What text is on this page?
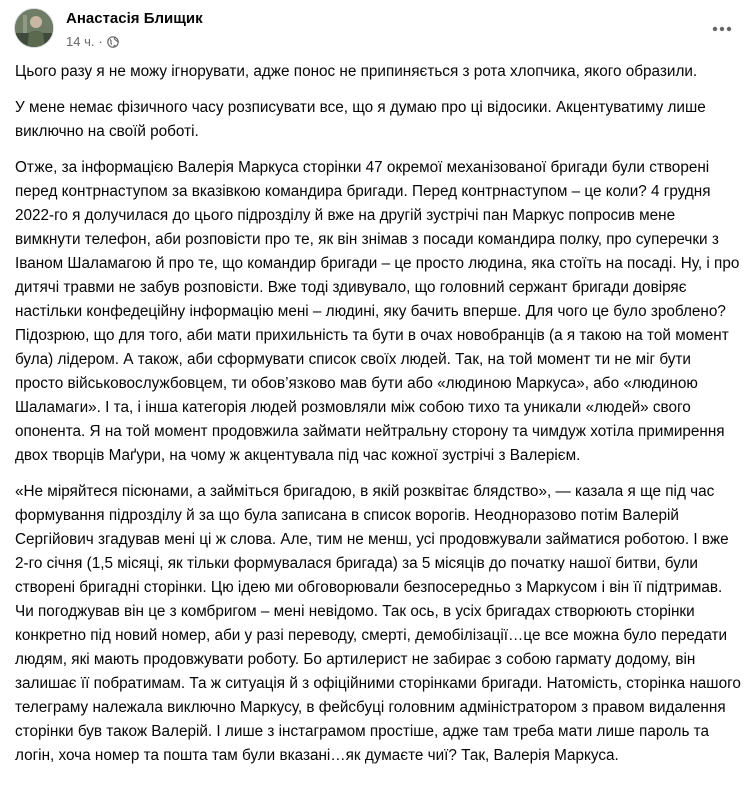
Анастасія Блищик
14 ч. ·

Цього разу я не можу ігнорувати, адже понос не припиняється з рота хлопчика, якого образили.

У мене немає фізичного часу розписувати все, що я думаю про ці відосики. Акцентуватиму лише виключно на своїй роботі.

Отже, за інформацією Валерія Маркуса сторінки 47 окремої механізованої бригади були створені перед контрнаступом за вказівкою командира бригади. Перед контрнаступом – це коли? 4 грудня 2022-го я долучилася до цього підрозділу й вже на другій зустрічі пан Маркус попросив мене вимкнути телефон, аби розповісти про те, як він знімав з посади командира полку, про суперечки з Іваном Шаламагою й про те, що командир бригади – це просто людина, яка стоїть на посаді. Ну, і про дитячі травми не забув розповісти. Вже тоді здивувало, що головний сержант бригади довіряє настільки конфедеційну інформацію мені – людині, яку бачить вперше. Для чого це було зроблено? Підозрюю, що для того, аби мати прихильність та бути в очах новобранців (а я такою на той момент була) лідером. А також, аби сформувати список своїх людей. Так, на той момент ти не міг бути просто військовослужбовцем, ти обов’язково мав бути або «людиною Маркуса», або «людиною Шаламаги». І та, і інша категорія людей розмовляли між собою тихо та уникали «людей» свого опонента. Я на той момент продовжила займати нейтральну сторону та чимдуж хотіла примирення двох творців Маґури, на чому ж акцентувала під час кожної зустрічі з Валерієм.

«Не міряйтеся пісюнами, а займіться бригадою, в якій розквітає блядство», — казала я ще під час формування підрозділу й за що була записана в список ворогів. Неодноразово потім Валерій Сергійович згадував мені ці ж слова. Але, тим не менш, усі продовжували займатися роботою. І вже 2-го січня (1,5 місяці, як тільки формувалася бригада) за 5 місяців до початку нашої битви, були створені бригадні сторінки. Цю ідею ми обговорювали безпосередньо з Маркусом і він її підтримав. Чи погоджував він це з комбригом – мені невідомо. Так ось, в усіх бригадах створюють сторінки конкретно під новий номер, аби у разі переводу, смерті, демобілізації…це все можна було передати людям, які мають продовжувати роботу. Бо артилерист не забирає з собою гармату додому, він залишає її побратимам. Та ж ситуація й з офіційними сторінками бригади. Натомість, сторінка нашого телеграму належала виключно Маркусу, в фейсбуці головним адміністратором з правом видалення сторінки був також Валерій. І лише з інстаграмом простіше, адже там треба мати лише пароль та логін, хоча номер та пошта там були вказані…як думаєте чиї? Так, Валерія Маркуса.
